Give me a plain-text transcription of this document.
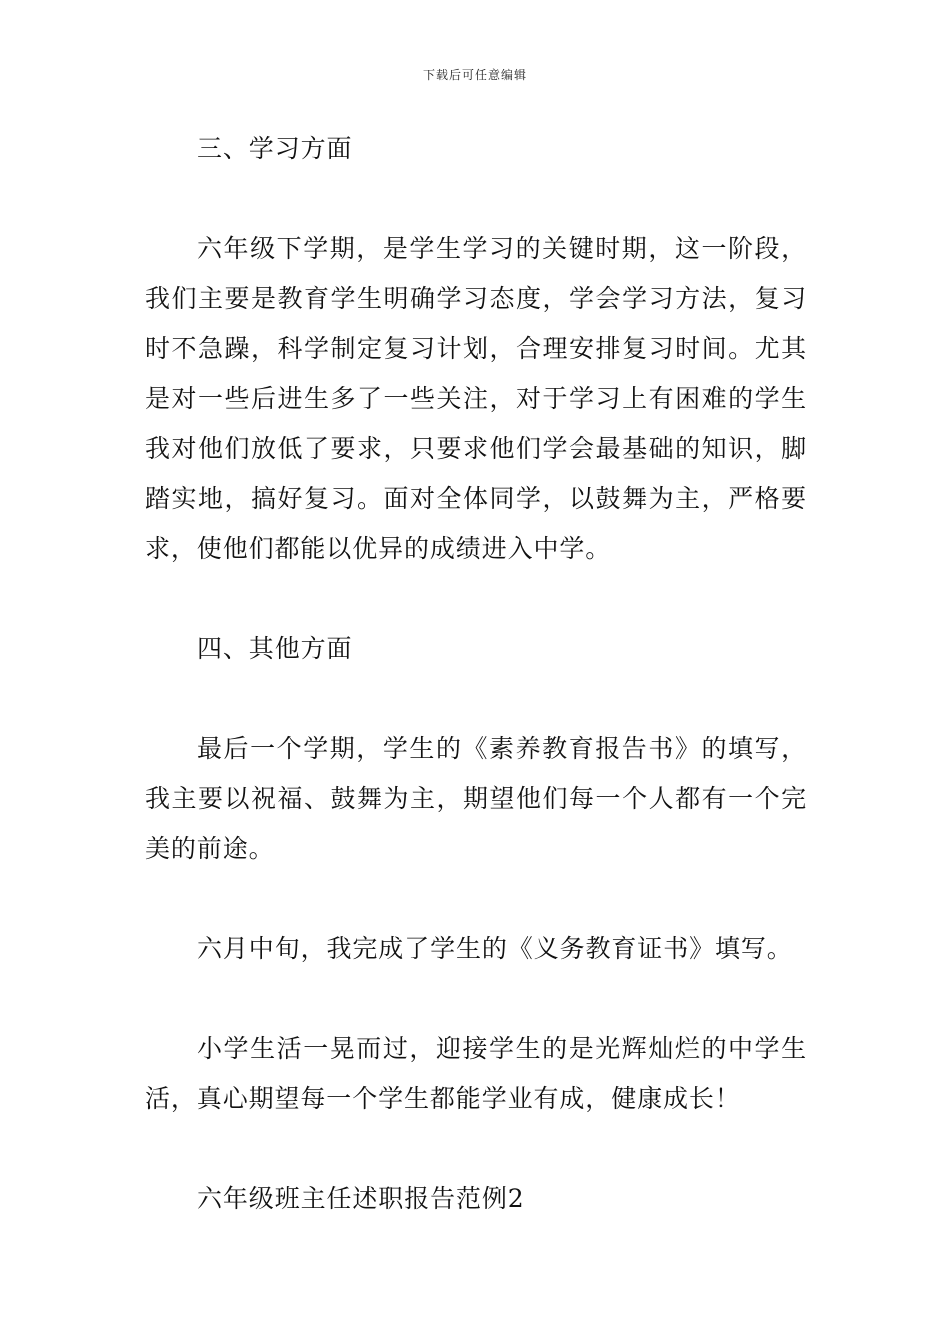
下载后可任意编辑

三、学习方面

六年级下学期，是学生学习的关键时期，这一阶段，我们主要是教育学生明确学习态度，学会学习方法，复习时不急躁，科学制定复习计划，合理安排复习时间。尤其是对一些后进生多了一些关注，对于学习上有困难的学生我对他们放低了要求，只要求他们学会最基础的知识，脚踏实地，搞好复习。面对全体同学，以鼓舞为主，严格要求，使他们都能以优异的成绩进入中学。

四、其他方面

最后一个学期，学生的《素养教育报告书》的填写，我主要以祝福、鼓舞为主，期望他们每一个人都有一个完美的前途。

六月中旬，我完成了学生的《义务教育证书》填写。

小学生活一晃而过，迎接学生的是光辉灿烂的中学生活，真心期望每一个学生都能学业有成，健康成长！

六年级班主任述职报告范例2
